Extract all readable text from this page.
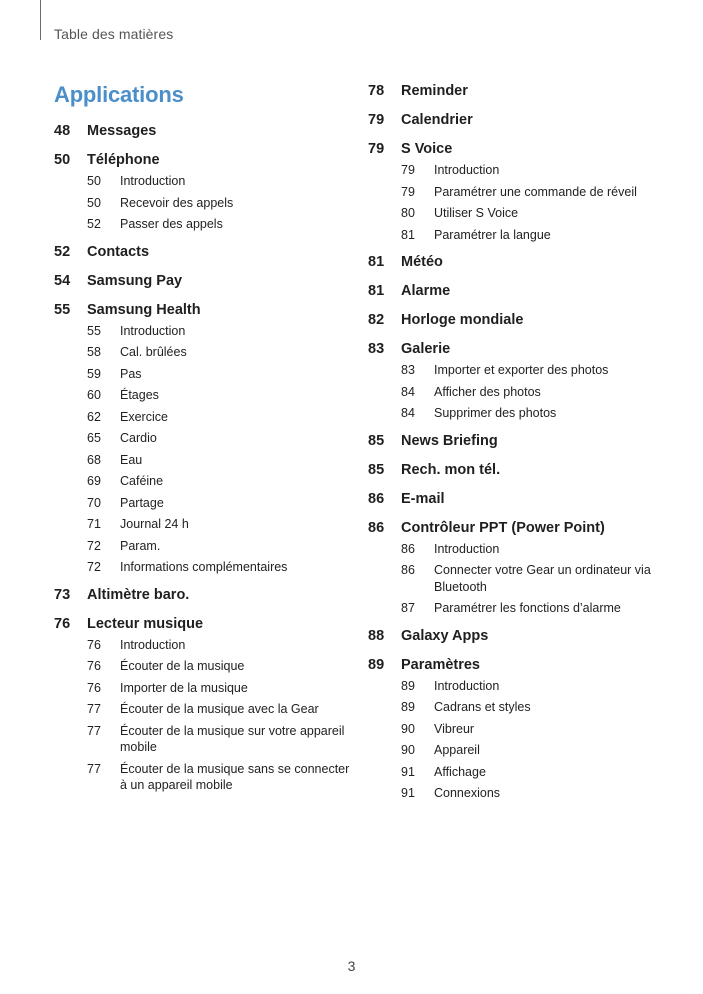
Table des matières
Applications
48	Messages
50	Téléphone
50	Introduction
50	Recevoir des appels
52	Passer des appels
52	Contacts
54	Samsung Pay
55	Samsung Health
55	Introduction
58	Cal. brûlées
59	Pas
60	Étages
62	Exercice
65	Cardio
68	Eau
69	Caféine
70	Partage
71	Journal 24 h
72	Param.
72	Informations complémentaires
73	Altimètre baro.
76	Lecteur musique
76	Introduction
76	Écouter de la musique
76	Importer de la musique
77	Écouter de la musique avec la Gear
77	Écouter de la musique sur votre appareil mobile
77	Écouter de la musique sans se connecter à un appareil mobile
78	Reminder
79	Calendrier
79	S Voice
79	Introduction
79	Paramétrer une commande de réveil
80	Utiliser S Voice
81	Paramétrer la langue
81	Météo
81	Alarme
82	Horloge mondiale
83	Galerie
83	Importer et exporter des photos
84	Afficher des photos
84	Supprimer des photos
85	News Briefing
85	Rech. mon tél.
86	E-mail
86	Contrôleur PPT (Power Point)
86	Introduction
86	Connecter votre Gear un ordinateur via Bluetooth
87	Paramétrer les fonctions d’alarme
88	Galaxy Apps
89	Paramètres
89	Introduction
89	Cadrans et styles
90	Vibreur
90	Appareil
91	Affichage
91	Connexions
3
